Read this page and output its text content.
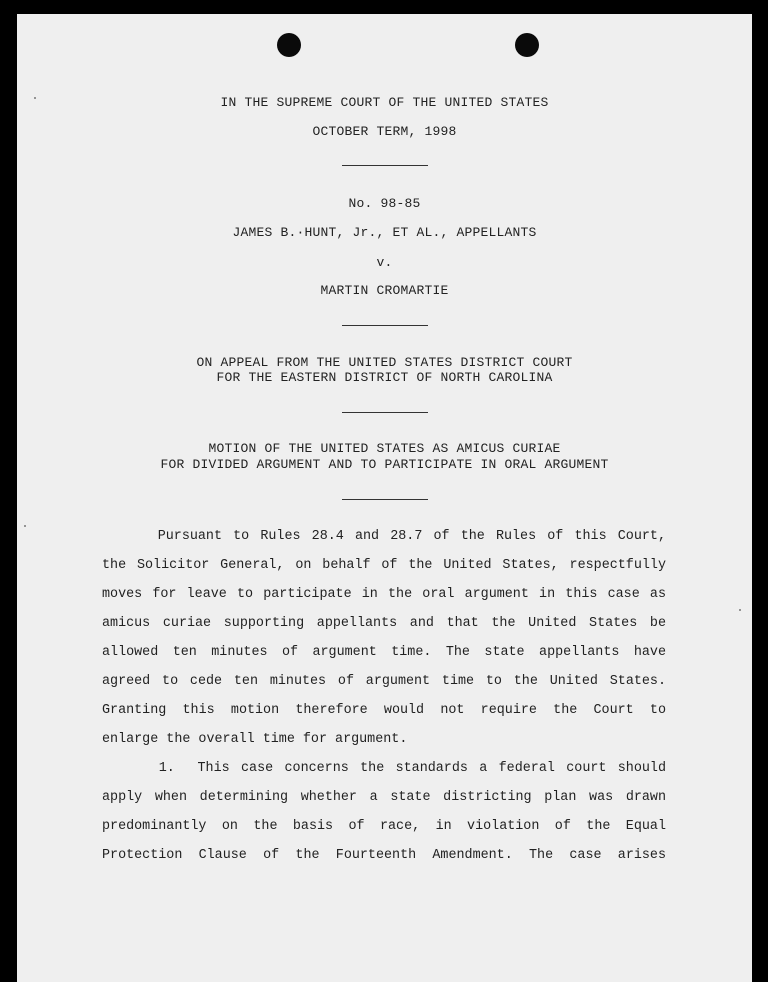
IN THE SUPREME COURT OF THE UNITED STATES
OCTOBER TERM, 1998
No. 98-85
JAMES B.·HUNT, Jr., ET AL., APPELLANTS
v.
MARTIN CROMARTIE
ON APPEAL FROM THE UNITED STATES DISTRICT COURT
FOR THE EASTERN DISTRICT OF NORTH CAROLINA
MOTION OF THE UNITED STATES AS AMICUS CURIAE
FOR DIVIDED ARGUMENT AND TO PARTICIPATE IN ORAL ARGUMENT
Pursuant to Rules 28.4 and 28.7 of the Rules of this Court,
the Solicitor General, on behalf of the United States, respectfully
moves for leave to participate in the oral argument in this case as
amicus curiae supporting appellants and that the United States be
allowed ten minutes of argument time. The state appellants have
agreed to cede ten minutes of argument time to the United States.
Granting this motion therefore would not require the Court to
enlarge the overall time for argument.
1.  This case concerns the standards a federal court should
apply when determining whether a state districting plan was drawn
predominantly on the basis of race, in violation of the Equal
Protection Clause of the Fourteenth Amendment. The case arises
